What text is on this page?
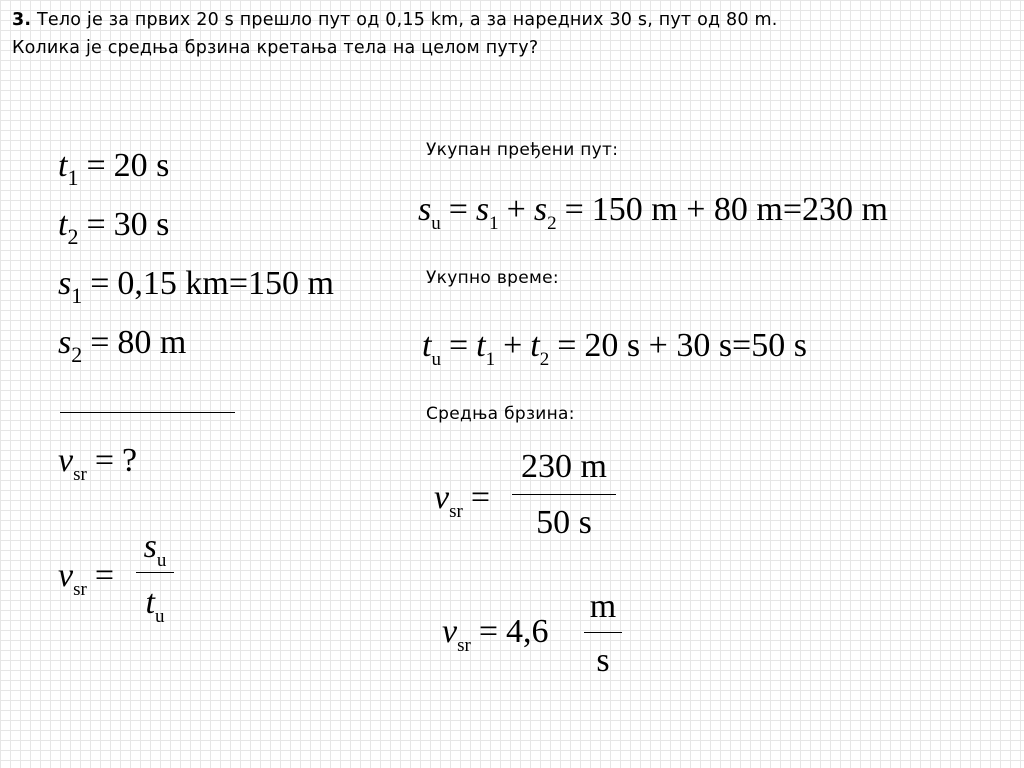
3. Тело је за првих 20 s прешло пут од 0,15 km, а за наредних 30 s, пут од 80 m.
Колика је средња брзина кретања тела на целом путу?
$t_1 = 20$ s
$t_2 = 30$ s
$s_1 = 0,15$ km=150 m
$s_2 = 80$ m
$v_{sr}$ = ?
$v_{sr}$ =
$s_u$
$t_u$
Укупан пређени пут:
$s_u = s_1 + s_2 = 150$ m + 80 m=230 m
Укупно време:
$t_u = t_1 + t_2 = 20$ s + 30 s=50 s
Средња брзина:
$v_{sr}$ =
230 m
50 s
$v_{sr} = 4,6$
m
s
